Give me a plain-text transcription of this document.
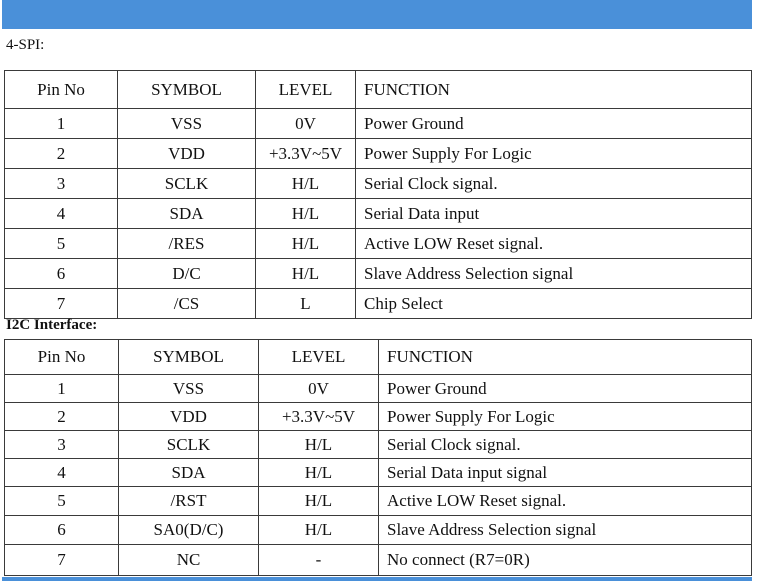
4-SPI:
Pin No	SYMBOL	LEVEL	FUNCTION
1	VSS	0V	Power Ground
2	VDD	+3.3V~5V	Power Supply For Logic
3	SCLK	H/L	Serial Clock signal.
4	SDA	H/L	Serial Data input
5	/RES	H/L	Active LOW Reset signal.
6	D/C	H/L	Slave Address Selection signal
7	/CS	L	Chip Select
I2C Interface:
Pin No	SYMBOL	LEVEL	FUNCTION
1	VSS	0V	Power Ground
2	VDD	+3.3V~5V	Power Supply For Logic
3	SCLK	H/L	Serial Clock signal.
4	SDA	H/L	Serial Data input signal
5	/RST	H/L	Active LOW Reset signal.
6	SA0(D/C)	H/L	Slave Address Selection signal
7	NC	-	No connect (R7=0R)
